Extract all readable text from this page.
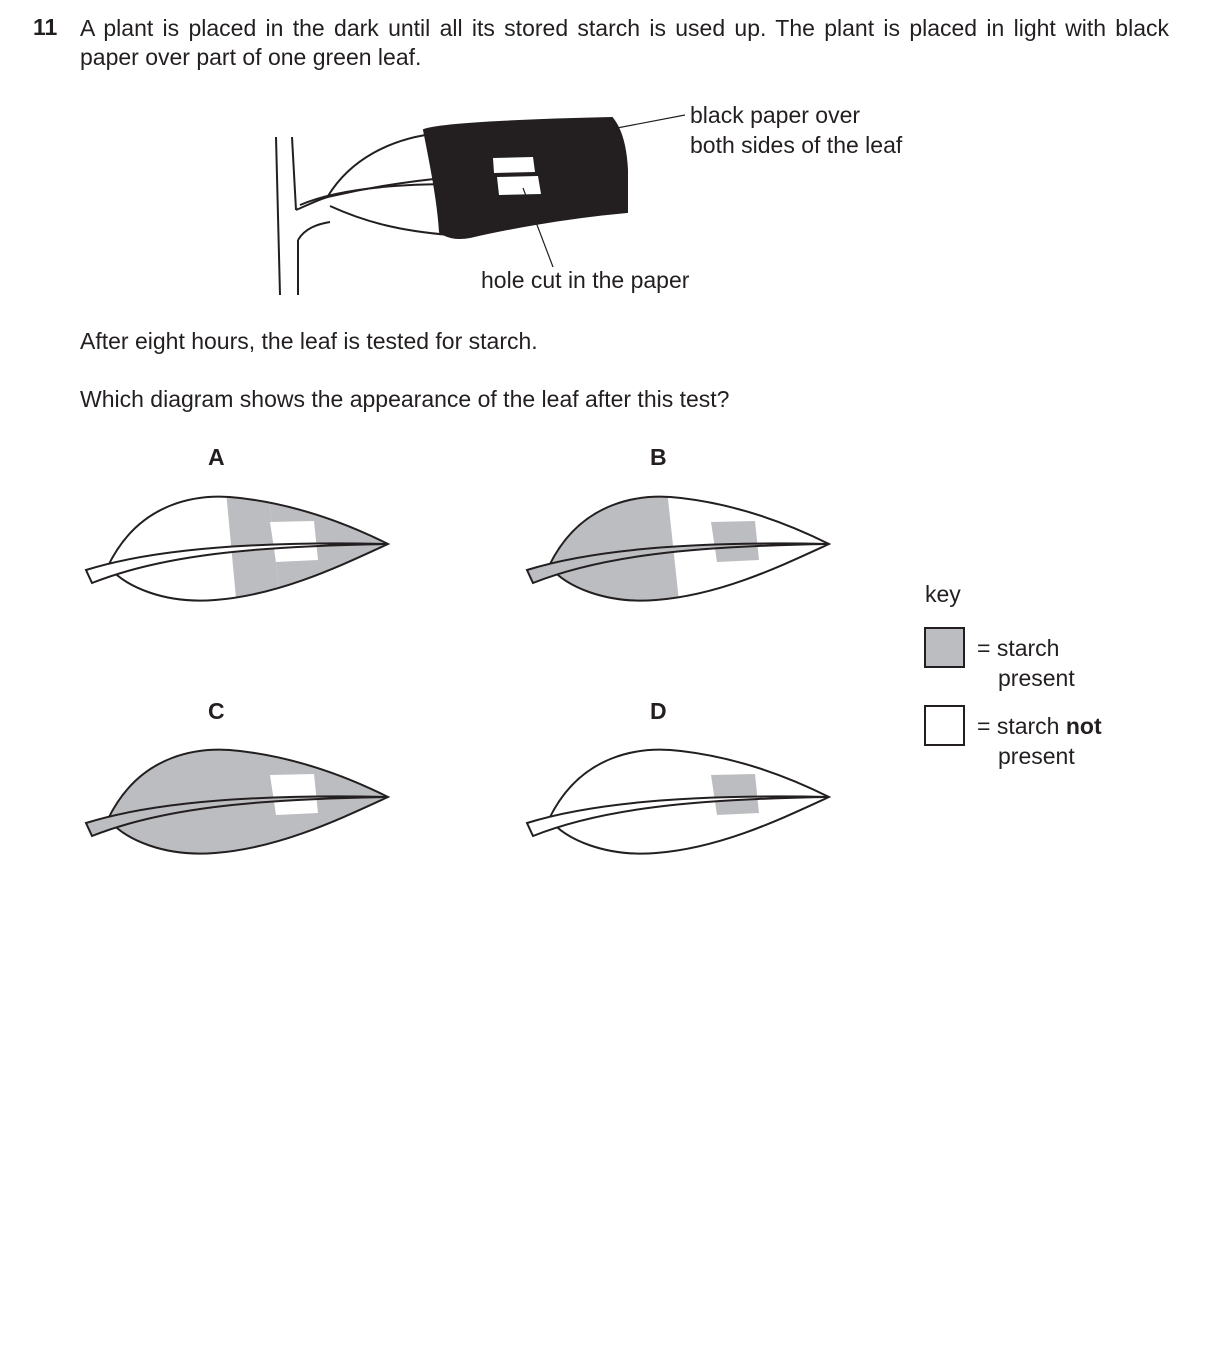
11 A plant is placed in the dark until all its stored starch is used up. The plant is placed in light with black paper over part of one green leaf.
After eight hours, the leaf is tested for starch.
Which diagram shows the appearance of the leaf after this test?
black paper over
both sides of the leaf
hole cut in the paper
A	B
C	D
key
= starch
present
= starch not
present
